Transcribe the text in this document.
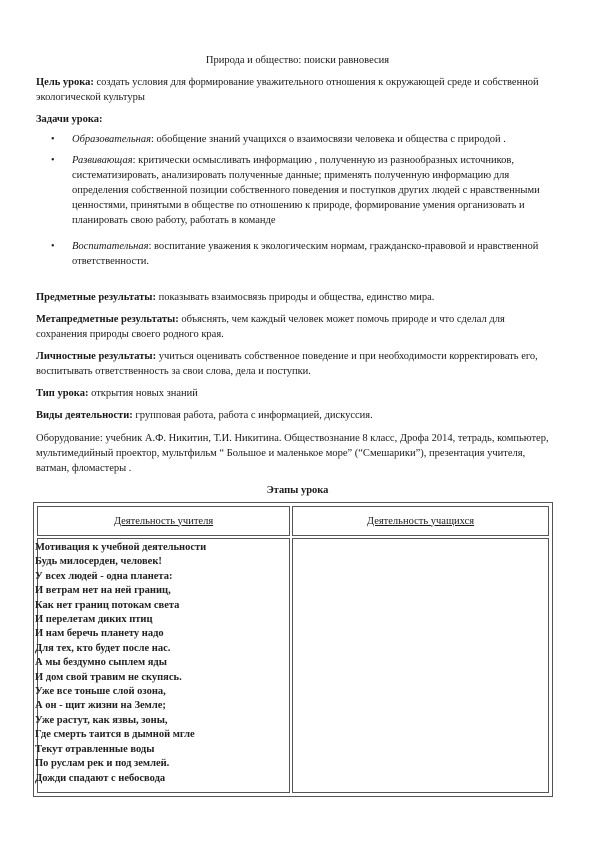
Природа и общество: поиски равновесия
Цель урока: создать условия для формирование уважительного отношения к окружающей среде и собственной экологической культуры
Задачи урока:
• Образовательная: обобщение знаний учащихся о взаимосвязи человека и общества с природой .
• Развивающая: критически осмысливать информацию , полученную из разнообразных источников, систематизировать, анализировать полученные данные; применять полученную информацию для определения собственной позиции собственного поведения и поступков других людей с нравственными ценностями, принятыми в обществе по отношению к природе, формирование умения организовать и планировать свою работу, работать в команде
• Воспитательная: воспитание уважения к экологическим нормам, гражданско-правовой и нравственной ответственности.
Предметные результаты: показывать взаимосвязь природы и общества, единство мира.
Метапредметные результаты: объяснять, чем каждый человек может помочь природе и что сделал для сохранения природы своего родного края.
Личностные результаты: учиться оценивать собственное поведение и при необходимости корректировать его, воспитывать ответственность за свои слова, дела и поступки.
Тип урока: открытия новых знаний
Виды деятельности: групповая работа, работа с информацией, дискуссия.
Оборудование: учебник А.Ф. Никитин, Т.И. Никитина. Обществознание 8 класс, Дрофа 2014, тетрадь, компьютер, мультимедийный проектор, мультфильм “ Большое и маленькое море” (“Смешарики”), презентация учителя, ватман, фломастеры .
Этапы урока
Деятельность учителя	Деятельность учащихся
Мотивация к учебной деятельности
Будь милосерден, человек!
У всех людей - одна планета:
И ветрам нет на ней границ,
Как нет границ потокам света
И перелетам диких птиц
И нам беречь планету надо
Для тех, кто будет после нас.
А мы бездумно сыплем яды
И дом свой травим не скупясь.
Уже все тоньше слой озона,
А он - щит жизни на Земле;
Уже растут, как язвы, зоны,
Где смерть таится в дымной мгле
Текут отравленные воды
По руслам рек и под землей.
Дожди спадают с небосвода
